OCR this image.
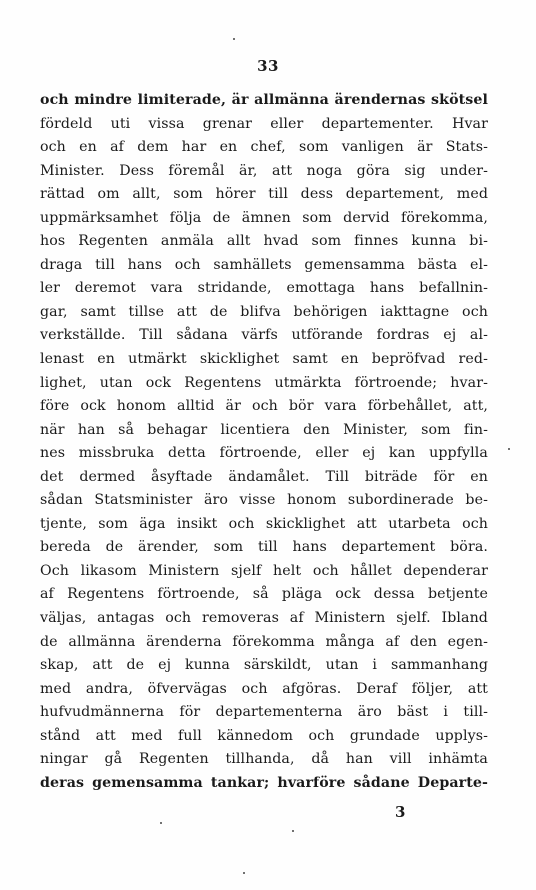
33
och mindre limiterade, är allmänna ärendernas skötsel
fördeld uti vissa grenar eller departementer. Hvar
och en af dem har en chef, som vanligen är Stats-
Minister. Dess föremål är, att noga göra sig under-
rättad om allt, som hörer till dess departement, med
uppmärksamhet följa de ämnen som dervid förekomma,
hos Regenten anmäla allt hvad som finnes kunna bi-
draga till hans och samhällets gemensamma bästa el-
ler deremot vara stridande, emottaga hans befallnin-
gar, samt tillse att de blifva behörigen iakttagne och
verkställde. Till sådana värfs utförande fordras ej al-
lenast en utmärkt skicklighet samt en bepröfvad red-
lighet, utan ock Regentens utmärkta förtroende; hvar-
före ock honom alltid är och bör vara förbehållet, att,
när han så behagar licentiera den Minister, som fin-
nes missbruka detta förtroende, eller ej kan uppfylla
det dermed åsyftade ändamålet. Till biträde för en
sådan Statsminister äro visse honom subordinerade be-
tjente, som äga insikt och skicklighet att utarbeta och
bereda de ärender, som till hans departement böra.
Och likasom Ministern sjelf helt och hållet dependerar
af Regentens förtroende, så pläga ock dessa betjente
väljas, antagas och removeras af Ministern sjelf. Ibland
de allmänna ärenderna förekomma många af den egen-
skap, att de ej kunna särskildt, utan i sammanhang
med andra, öfvervägas och afgöras. Deraf följer, att
hufvudmännerna för departementerna äro bäst i till-
stånd att med full kännedom och grundade upplys-
ningar gå Regenten tillhanda, då han vill inhämta
deras gemensamma tankar; hvarföre sådane Departe-
3
